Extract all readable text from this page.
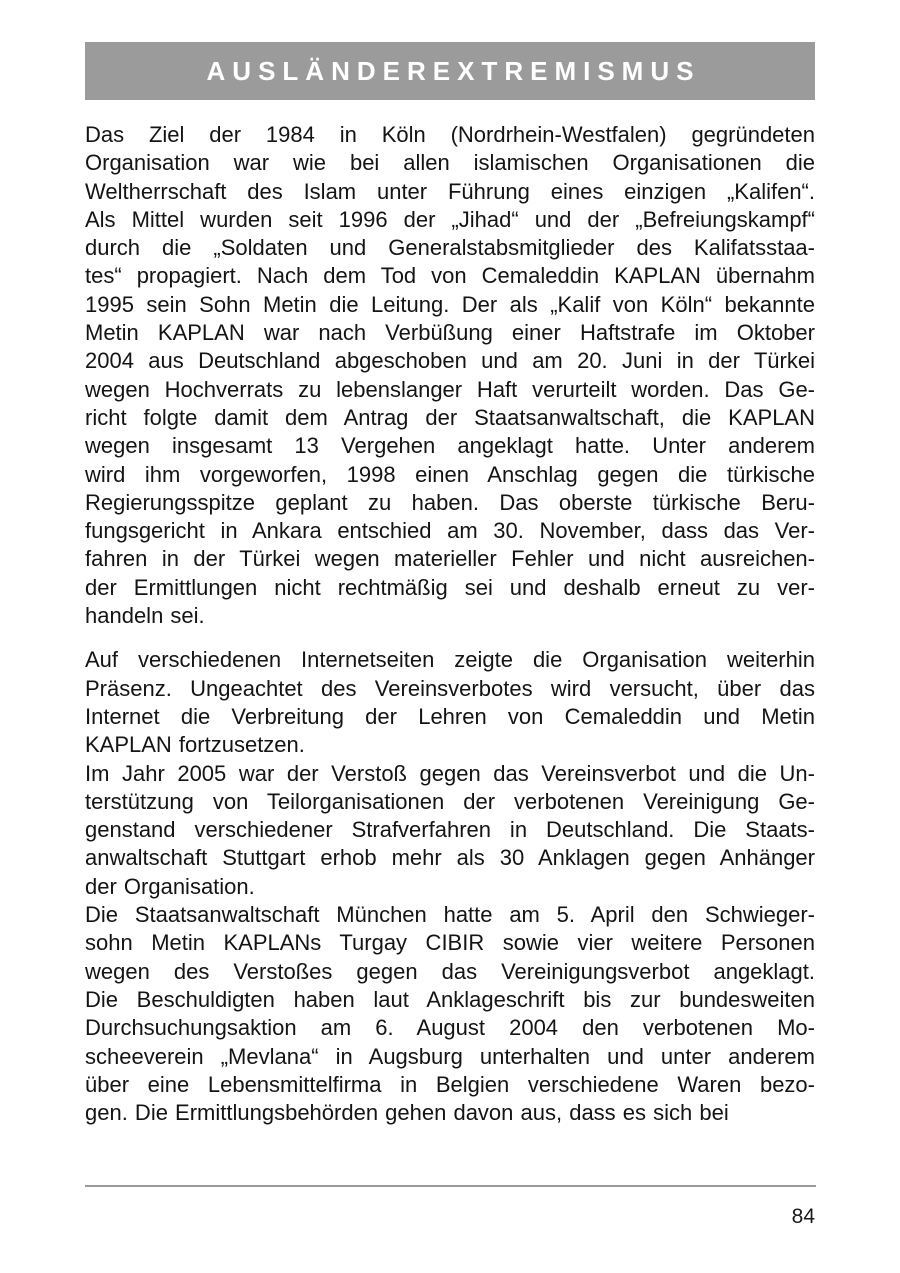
AUSLÄNDEREXTREMISMUS
Das Ziel der 1984 in Köln (Nordrhein-Westfalen) gegründeten
Organisation war wie bei allen islamischen Organisationen die
Weltherrschaft des Islam unter Führung eines einzigen „Kalifen“.
Als Mittel wurden seit 1996 der „Jihad“ und der „Befreiungskampf“
durch die „Soldaten und Generalstabsmitglieder des Kalifatsstaa-
tes“ propagiert. Nach dem Tod von Cemaleddin KAPLAN übernahm
1995 sein Sohn Metin die Leitung. Der als „Kalif von Köln“ bekannte
Metin KAPLAN war nach Verbüßung einer Haftstrafe im Oktober
2004 aus Deutschland abgeschoben und am 20. Juni in der Türkei
wegen Hochverrats zu lebenslanger Haft verurteilt worden. Das Ge-
richt folgte damit dem Antrag der Staatsanwaltschaft, die KAPLAN
wegen insgesamt 13 Vergehen angeklagt hatte. Unter anderem
wird ihm vorgeworfen, 1998 einen Anschlag gegen die türkische
Regierungsspitze geplant zu haben. Das oberste türkische Beru-
fungsgericht in Ankara entschied am 30. November, dass das Ver-
fahren in der Türkei wegen materieller Fehler und nicht ausreichen-
der Ermittlungen nicht rechtmäßig sei und deshalb erneut zu ver-
handeln sei.
Auf verschiedenen Internetseiten zeigte die Organisation weiterhin
Präsenz. Ungeachtet des Vereinsverbotes wird versucht, über das
Internet die Verbreitung der Lehren von Cemaleddin und Metin
KAPLAN fortzusetzen.
Im Jahr 2005 war der Verstoß gegen das Vereinsverbot und die Un-
terstützung von Teilorganisationen der verbotenen Vereinigung Ge-
genstand verschiedener Strafverfahren in Deutschland. Die Staats-
anwaltschaft Stuttgart erhob mehr als 30 Anklagen gegen Anhänger
der Organisation.
Die Staatsanwaltschaft München hatte am 5. April den Schwieger-
sohn Metin KAPLANs Turgay CIBIR sowie vier weitere Personen
wegen des Verstoßes gegen das Vereinigungsverbot angeklagt.
Die Beschuldigten haben laut Anklageschrift bis zur bundesweiten
Durchsuchungsaktion am 6. August 2004 den verbotenen Mo-
scheeverein „Mevlana“ in Augsburg unterhalten und unter anderem
über eine Lebensmittelfirma in Belgien verschiedene Waren bezo-
gen. Die Ermittlungsbehörden gehen davon aus, dass es sich bei
84
